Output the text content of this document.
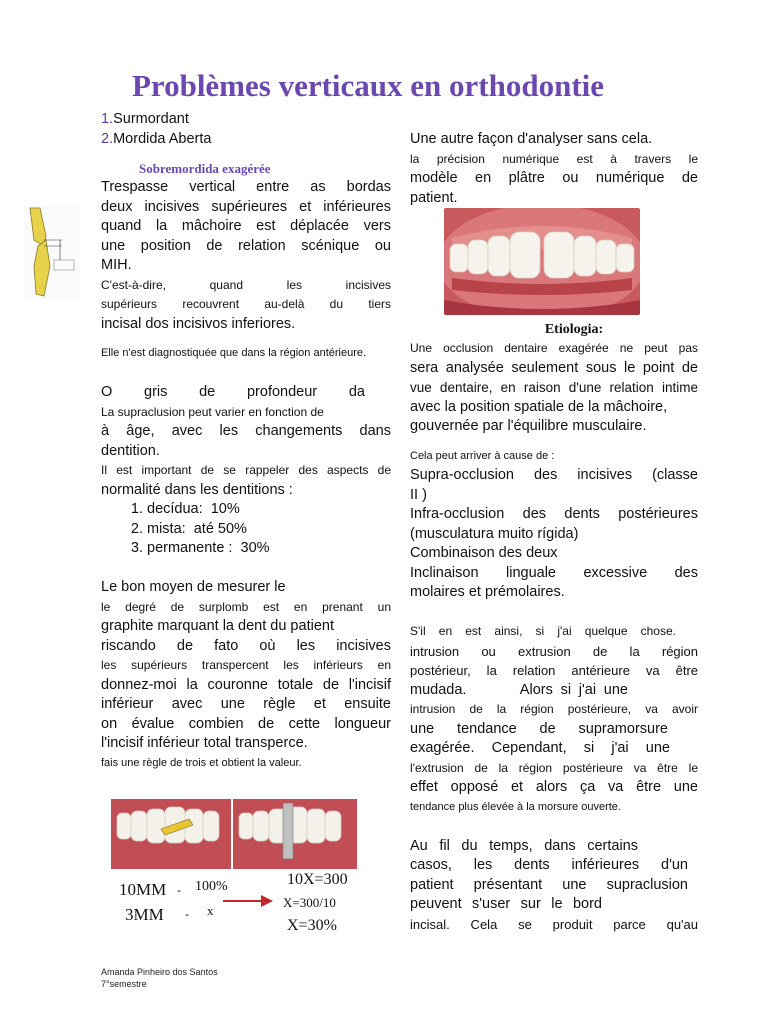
Problèmes verticaux en orthodontie
1.Surmordant
2.Mordida Aberta
Sobremordida exagérée
Trespasse vertical entre as bordas
deux incisives supérieures et inférieures
quand la mâchoire est déplacée vers
une position de relation scénique ou
MIH.
C'est-à-dire, quand les incisives
supérieurs recouvrent au-delà du tiers
incisal dos incisivos inferiores.
Elle n'est diagnostiquée que dans la région antérieure.
O gris de profondeur da
La supraclusion peut varier en fonction de
à âge, avec les changements dans
dentition.
Il est important de se rappeler des aspects de
normalité dans les dentitions :
1. decídua: 10%
2. mista: até 50%
3. permanente : 30%
Le bon moyen de mesurer le
le degré de surplomb est en prenant un
graphite marquant la dent du patient
riscando de fato où les incisives
les supérieurs transpercent les inférieurs en
donnez-moi la couronne totale de l'incisif
inférieur avec une règle et ensuite
on évalue combien de cette longueur
l'incisif inférieur total transperce.
fais une règle de trois et obtient la valeur.
Une autre façon d'analyser sans cela.
la précision numérique est à travers le
modèle en plâtre ou numérique de
patient.
Etiologia:
Une occlusion dentaire exagérée ne peut pas
sera analysée seulement sous le point de
vue dentaire, en raison d'une relation intime
avec la position spatiale de la mâchoire,
gouvernée par l'équilibre musculaire.
Cela peut arriver à cause de :
Supra-occlusion des incisives (classe
II )
Infra-occlusion des dents postérieures
(musculatura muito rígida)
Combinaison des deux
Inclinaison linguale excessive des
molaires et prémolaires.
S'il en est ainsi, si j'ai quelque chose.
intrusion ou extrusion de la région
postérieur, la relation antérieure va être
mudada.       Alors si j'ai une
intrusion de la région postérieure, va avoir
une tendance de supramorsure
exagérée. Cependant, si j'ai une
l'extrusion de la région postérieure va être le
effet opposé et alors ça va être une
tendance plus élevée à la morsure ouverte.
Au fil du temps, dans certains
casos, les dents inférieures d'un
patient présentant une supraclusion
peuvent s'user sur le bord
incisal. Cela se produit parce qu'au
10MM - 100%
3MM - x
10X=300
X=300/10
X=30%
Amanda Pinheiro dos Santos
7°semestre
